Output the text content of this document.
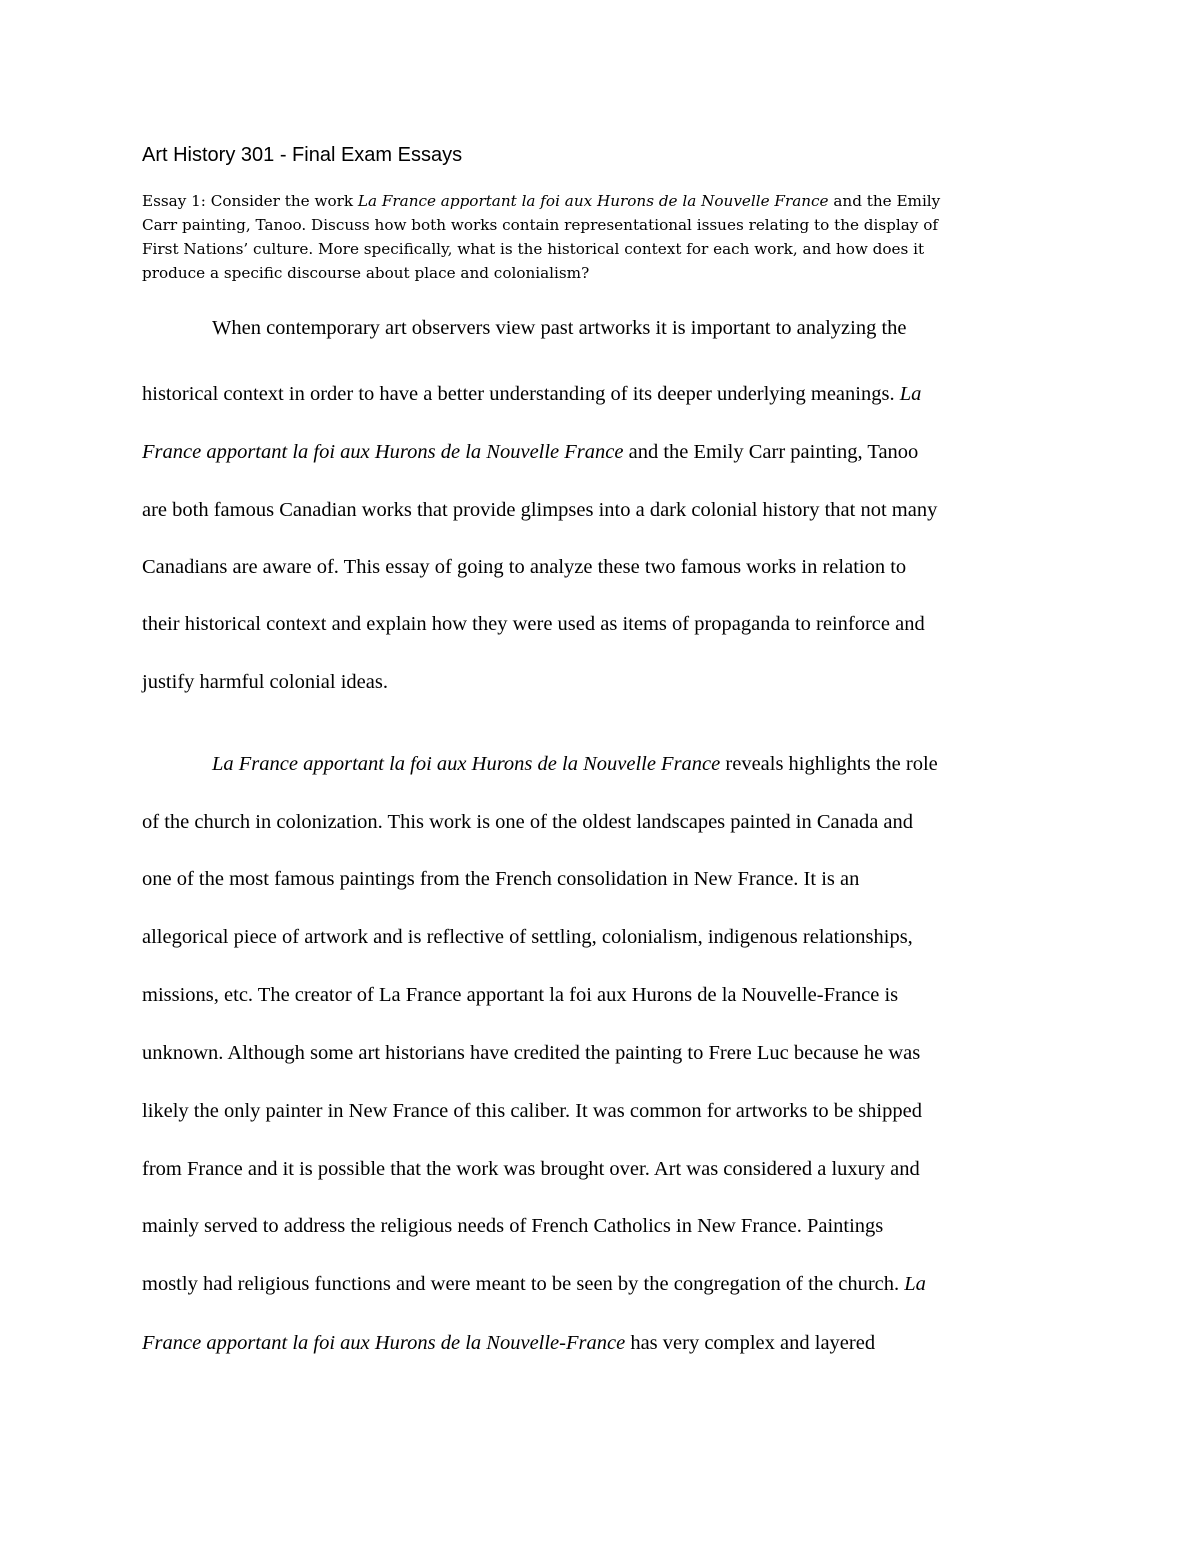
Art History 301 - Final Exam Essays
Essay 1: Consider the work La France apportant la foi aux Hurons de la Nouvelle France and the Emily
Carr painting, Tanoo. Discuss how both works contain representational issues relating to the display of
First Nations’ culture. More specifically, what is the historical context for each work, and how does it
produce a specific discourse about place and colonialism?
When contemporary art observers view past artworks it is important to analyzing the
historical context in order to have a better understanding of its deeper underlying meanings. La
France apportant la foi aux Hurons de la Nouvelle France and the Emily Carr painting, Tanoo
are both famous Canadian works that provide glimpses into a dark colonial history that not many
Canadians are aware of. This essay of going to analyze these two famous works in relation to
their historical context and explain how they were used as items of propaganda to reinforce and
justify harmful colonial ideas.
La France apportant la foi aux Hurons de la Nouvelle France reveals highlights the role
of the church in colonization. This work is one of the oldest landscapes painted in Canada and
one of the most famous paintings from the French consolidation in New France. It is an
allegorical piece of artwork and is reflective of settling, colonialism, indigenous relationships,
missions, etc. The creator of La France apportant la foi aux Hurons de la Nouvelle-France is
unknown. Although some art historians have credited the painting to Frere Luc because he was
likely the only painter in New France of this caliber. It was common for artworks to be shipped
from France and it is possible that the work was brought over. Art was considered a luxury and
mainly served to address the religious needs of French Catholics in New France. Paintings
mostly had religious functions and were meant to be seen by the congregation of the church. La
France apportant la foi aux Hurons de la Nouvelle-France has very complex and layered
